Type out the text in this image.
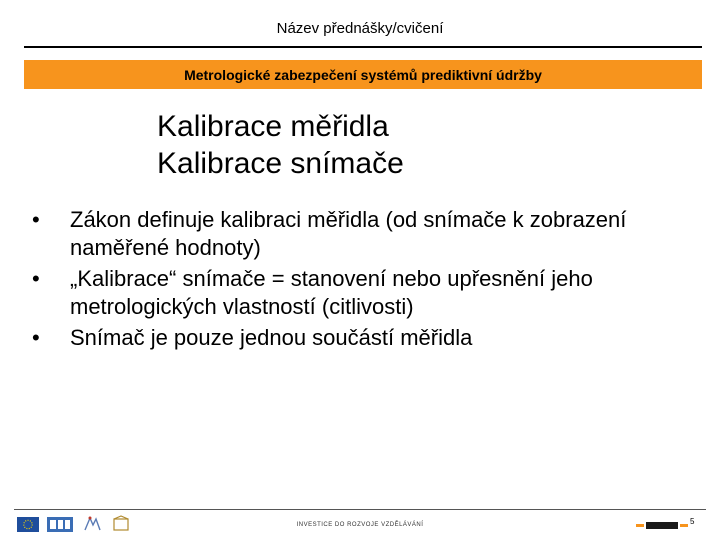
Název přednášky/cvičení
Metrologické zabezpečení systémů prediktivní údržby
Kalibrace měřidla
Kalibrace snímače
• Zákon definuje kalibraci měřidla (od snímače k zobrazení naměřené hodnoty)
• „Kalibrace“ snímače = stanovení nebo upřesnění jeho metrologických vlastností (citlivosti)
• Snímač je pouze jednou součástí měřidla
INVESTICE DO ROZVOJE VZDĚLÁVÁNÍ	5
